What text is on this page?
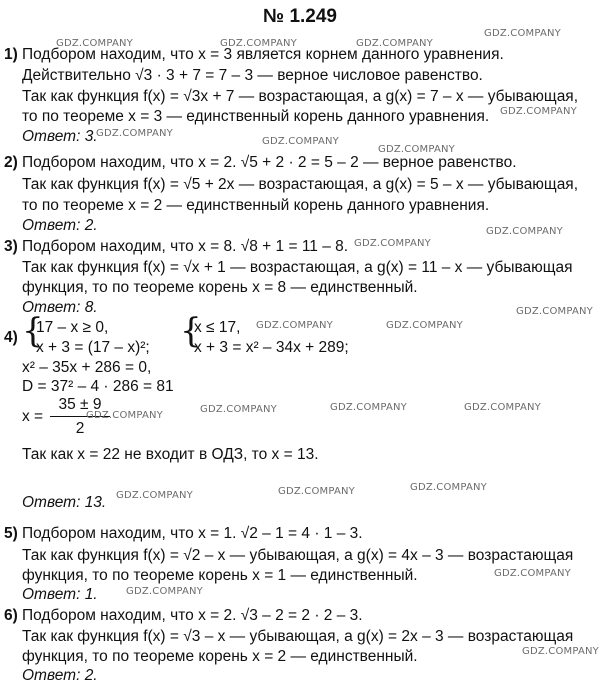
№ 1.249
1) Подбором находим, что x = 3 является корнем данного уравнения.
Действительно √3 · 3 + 7 = 7 – 3 — верное числовое равенство.
Так как функция f(x) = √3x + 7 — возрастающая, а g(x) = 7 – x — убывающая,
то по теореме x = 3 — единственный корень данного уравнения.
Ответ: 3.
2) Подбором находим, что x = 2. √5 + 2 · 2 = 5 – 2 — верное равенство.
Так как функция f(x) = √5 + 2x — возрастающая, а g(x) = 5 – x — убывающая,
то по теореме x = 2 — единственный корень данного уравнения.
Ответ: 2.
3) Подбором находим, что x = 8. √8 + 1 = 11 – 8.
Так как функция f(x) = √x + 1 — возрастающая, а g(x) = 11 – x — убывающая
функция, то по теореме корень x = 8 — единственный.
Ответ: 8.
4) {
17 – x ≥ 0,
x + 3 = (17 – x)²; {
x ≤ 17,
x + 3 = x² – 34x + 289;
x² – 35x + 286 = 0,
D = 37² – 4 · 286 = 81
x =
35 ± 9
2
Так как x = 22 не входит в ОДЗ, то x = 13.
Ответ: 13.
5) Подбором находим, что x = 1. √2 – 1 = 4 · 1 – 3.
Так как функция f(x) = √2 – x — убывающая, а g(x) = 4x – 3 — возрастающая
функция, то по теореме корень x = 1 — единственный.
Ответ: 1.
6) Подбором находим, что x = 2. √3 – 2 = 2 · 2 – 3.
Так как функция f(x) = √3 – x — убывающая, а g(x) = 2x – 3 — возрастающая
функция, то по теореме корень x = 2 — единственный.
Ответ: 2.
GDZ.COMPANY	GDZ.COMPANY	GDZ.COMPANY
GDZ.COMPANY
GDZ.COMPANY
GDZ.COMPANY
GDZ.COMPANY
GDZ.COMPANY
GDZ.COMPANY
GDZ.COMPANY
GDZ.COMPANY
GDZ.COMPANY	GDZ.COMPANY
GDZ.COMPANY
GDZ.COMPANY	GDZ.COMPANY	GDZ.COMPANY
GDZ.COMPANY	GDZ.COMPANY	GDZ.COMPANY
GDZ.COMPANY
GDZ.COMPANY
GDZ.COMPANY
